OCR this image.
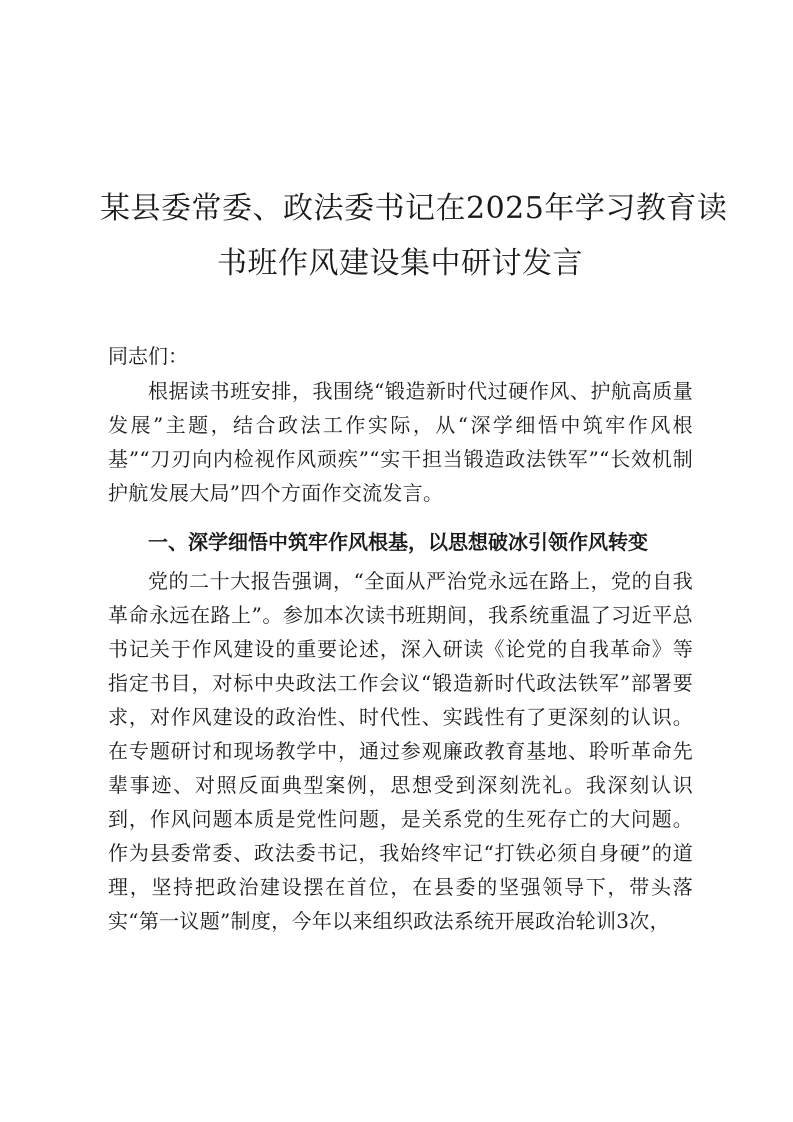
某县委常委、政法委书记在2025年学习教育读
书班作风建设集中研讨发言
同志们：
根据读书班安排，我围绕“锻造新时代过硬作风、护航高质量发展”主题，结合政法工作实际，从“深学细悟中筑牢作风根基”“刀刃向内检视作风顽疾”“实干担当锻造政法铁军”“长效机制护航发展大局”四个方面作交流发言。
一、深学细悟中筑牢作风根基，以思想破冰引领作风转变
党的二十大报告强调，“全面从严治党永远在路上，党的自我革命永远在路上”。参加本次读书班期间，我系统重温了习近平总书记关于作风建设的重要论述，深入研读《论党的自我革命》等指定书目，对标中央政法工作会议“锻造新时代政法铁军”部署要求，对作风建设的政治性、时代性、实践性有了更深刻的认识。在专题研讨和现场教学中，通过参观廉政教育基地、聆听革命先辈事迹、对照反面典型案例，思想受到深刻洗礼。我深刻认识到，作风问题本质是党性问题，是关系党的生死存亡的大问题。作为县委常委、政法委书记，我始终牢记“打铁必须自身硬”的道理，坚持把政治建设摆在首位，在县委的坚强领导下，带头落实“第一议题”制度，今年以来组织政法系统开展政治轮训3次，
